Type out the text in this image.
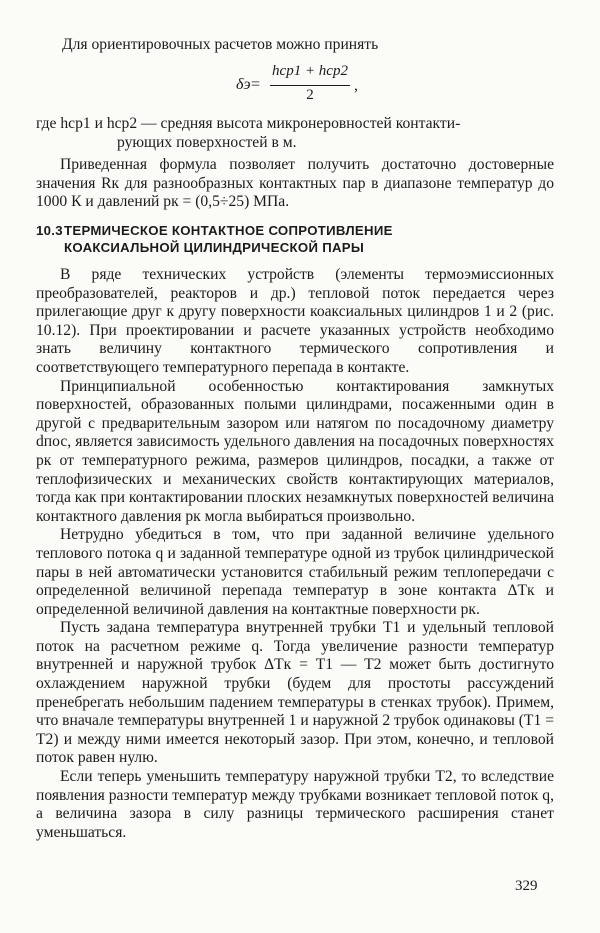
Для ориентировочных расчетов можно принять

δэ =
hср1 + hср2
2
,

где hср1 и hср2 — средняя высота микронеровностей контакти-

рующих поверхностей в м.

Приведенная формула позволяет получить достаточно достоверные значения Rк для разнообразных контактных пар в диапазоне температур до 1000 К и давлений pк = (0,5÷25) МПа.

10.3ТЕРМИЧЕСКОЕ КОНТАКТНОЕ СОПРОТИВЛЕНИЕ
КОАКСИАЛЬНОЙ ЦИЛИНДРИЧЕСКОЙ ПАРЫ

В ряде технических устройств (элементы термоэмиссионных преобразователей, реакторов и др.) тепловой поток передается через прилегающие друг к другу поверхности коаксиальных цилиндров 1 и 2 (рис. 10.12). При проектировании и расчете указанных устройств необходимо знать величину контактного термического сопротивления и соответствующего температурного перепада в контакте.

Принципиальной особенностью контактирования замкнутых поверхностей, образованных полыми цилиндрами, посаженными один в другой с предварительным зазором или натягом по посадочному диаметру dпос, является зависимость удельного давления на посадочных поверхностях pк от температурного режима, размеров цилиндров, посадки, а также от теплофизических и механических свойств контактирующих материалов, тогда как при контактировании плоских незамкнутых поверхностей величина контактного давления pк могла выбираться произвольно.

Нетрудно убедиться в том, что при заданной величине удельного теплового потока q и заданной температуре одной из трубок цилиндрической пары в ней автоматически установится стабильный режим теплопередачи с определенной величиной перепада температур в зоне контакта ΔTк и определенной величиной давления на контактные поверхности pк.

Пусть задана температура внутренней трубки T1 и удельный тепловой поток на расчетном режиме q. Тогда увеличение разности температур внутренней и наружной трубок ΔTк = T1 — T2 может быть достигнуто охлаждением наружной трубки (будем для простоты рассуждений пренебрегать небольшим падением температуры в стенках трубок). Примем, что вначале температуры внутренней 1 и наружной 2 трубок одинаковы (T1 = T2) и между ними имеется некоторый зазор. При этом, конечно, и тепловой поток равен нулю.

Если теперь уменьшить температуру наружной трубки T2, то вследствие появления разности температур между трубками возникает тепловой поток q, а величина зазора в силу разницы термического расширения станет уменьшаться.

329
